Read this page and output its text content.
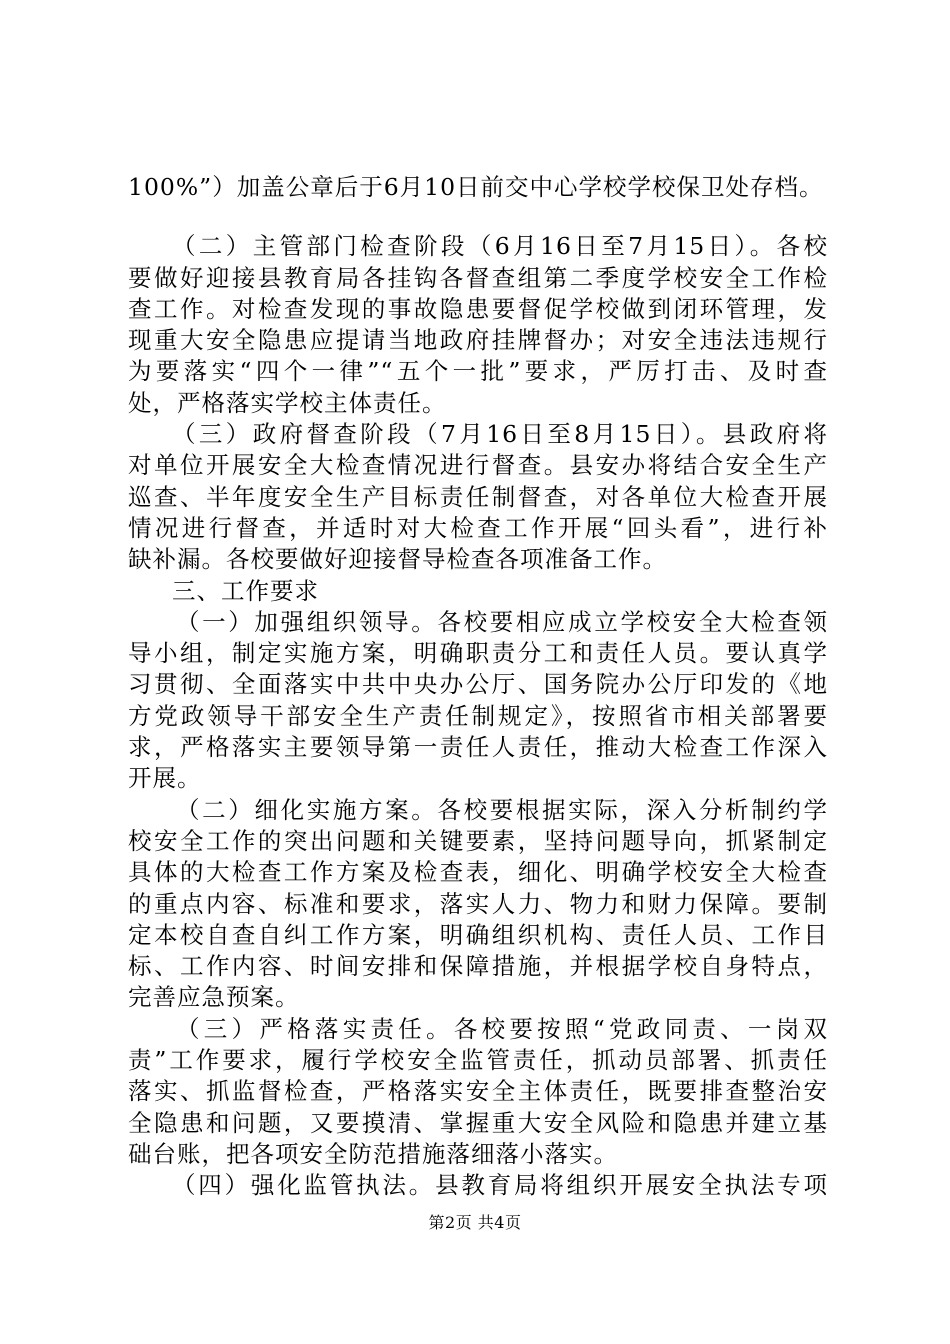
100%”）加盖公章后于6月10日前交中心学校学校保卫处存档。
（二）主管部门检查阶段（6月16日至7月15日）。各校
要做好迎接县教育局各挂钩各督查组第二季度学校安全工作检
查工作。对检查发现的事故隐患要督促学校做到闭环管理，发
现重大安全隐患应提请当地政府挂牌督办；对安全违法违规行
为要落实“四个一律”“五个一批”要求，严厉打击、及时查
处，严格落实学校主体责任。
（三）政府督查阶段（7月16日至8月15日）。县政府将
对单位开展安全大检查情况进行督查。县安办将结合安全生产
巡查、半年度安全生产目标责任制督查，对各单位大检查开展
情况进行督查，并适时对大检查工作开展“回头看”，进行补
缺补漏。各校要做好迎接督导检查各项准备工作。
三、工作要求
（一）加强组织领导。各校要相应成立学校安全大检查领
导小组，制定实施方案，明确职责分工和责任人员。要认真学
习贯彻、全面落实中共中央办公厅、国务院办公厅印发的《地
方党政领导干部安全生产责任制规定》，按照省市相关部署要
求，严格落实主要领导第一责任人责任，推动大检查工作深入
开展。
（二）细化实施方案。各校要根据实际，深入分析制约学
校安全工作的突出问题和关键要素，坚持问题导向，抓紧制定
具体的大检查工作方案及检查表，细化、明确学校安全大检查
的重点内容、标准和要求，落实人力、物力和财力保障。要制
定本校自查自纠工作方案，明确组织机构、责任人员、工作目
标、工作内容、时间安排和保障措施，并根据学校自身特点，
完善应急预案。
（三）严格落实责任。各校要按照“党政同责、一岗双
责”工作要求，履行学校安全监管责任，抓动员部署、抓责任
落实、抓监督检查，严格落实安全主体责任，既要排查整治安
全隐患和问题，又要摸清、掌握重大安全风险和隐患并建立基
础台账，把各项安全防范措施落细落小落实。
（四）强化监管执法。县教育局将组织开展安全执法专项
第2页 共4页
